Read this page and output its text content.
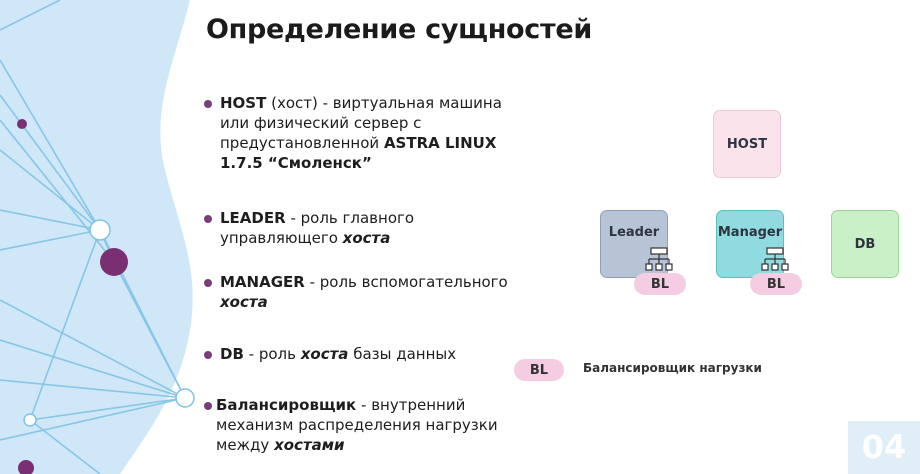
Определение сущностей
HOST (хост) - виртуальная машина
или физический сервер с
предустановленной ASTRA LINUX
1.7.5 “Смоленск”
LEADER - роль главного
управляющего хоста
MANAGER - роль вспомогательного
хоста
DB - роль хоста базы данных
Балансировщик - внутренний
механизм распределения нагрузки
между хостами
HOST
Leader	Manager
DB
BL	BL
BL	Балансировщик нагрузки
04
